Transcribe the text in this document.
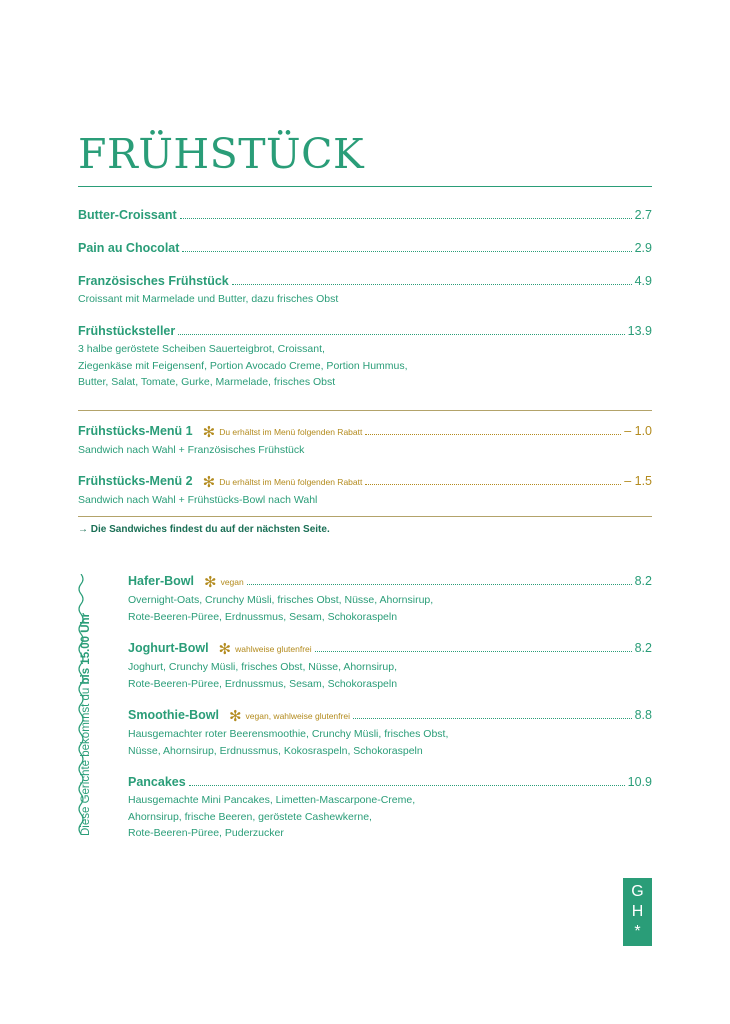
FRÜHSTÜCK
Butter-Croissant	2.7
Pain au Chocolat	2.9
Französisches Frühstück	4.9
Croissant mit Marmelade und Butter, dazu frisches Obst
Frühstücksteller	13.9
3 halbe geröstete Scheiben Sauerteigbrot, Croissant,
Ziegenkäse mit Feigensenf, Portion Avocado Creme, Portion Hummus,
Butter, Salat, Tomate, Gurke, Marmelade, frisches Obst
Frühstücks-Menü 1 ✻ Du erhältst im Menü folgenden Rabatt	– 1.0
Sandwich nach Wahl + Französisches Frühstück
Frühstücks-Menü 2 ✻ Du erhältst im Menü folgenden Rabatt	– 1.5
Sandwich nach Wahl + Frühstücks-Bowl nach Wahl
→ Die Sandwiches findest du auf der nächsten Seite.
Diese Gerichte bekommst du bis 15.00 Uhr
Hafer-Bowl ✻ vegan	8.2
Overnight-Oats, Crunchy Müsli, frisches Obst, Nüsse, Ahornsirup,
Rote-Beeren-Püree, Erdnussmus, Sesam, Schokoraspeln
Joghurt-Bowl ✻ wahlweise glutenfrei	8.2
Joghurt, Crunchy Müsli, frisches Obst, Nüsse, Ahornsirup,
Rote-Beeren-Püree, Erdnussmus, Sesam, Schokoraspeln
Smoothie-Bowl ✻ vegan, wahlweise glutenfrei	8.8
Hausgemachter roter Beerensmoothie, Crunchy Müsli, frisches Obst,
Nüsse, Ahornsirup, Erdnussmus, Kokosraspeln, Schokoraspeln
Pancakes	10.9
Hausgemachte Mini Pancakes, Limetten-Mascarpone-Creme,
Ahornsirup, frische Beeren, geröstete Cashewkerne,
Rote-Beeren-Püree, Puderzucker
G
H
*
